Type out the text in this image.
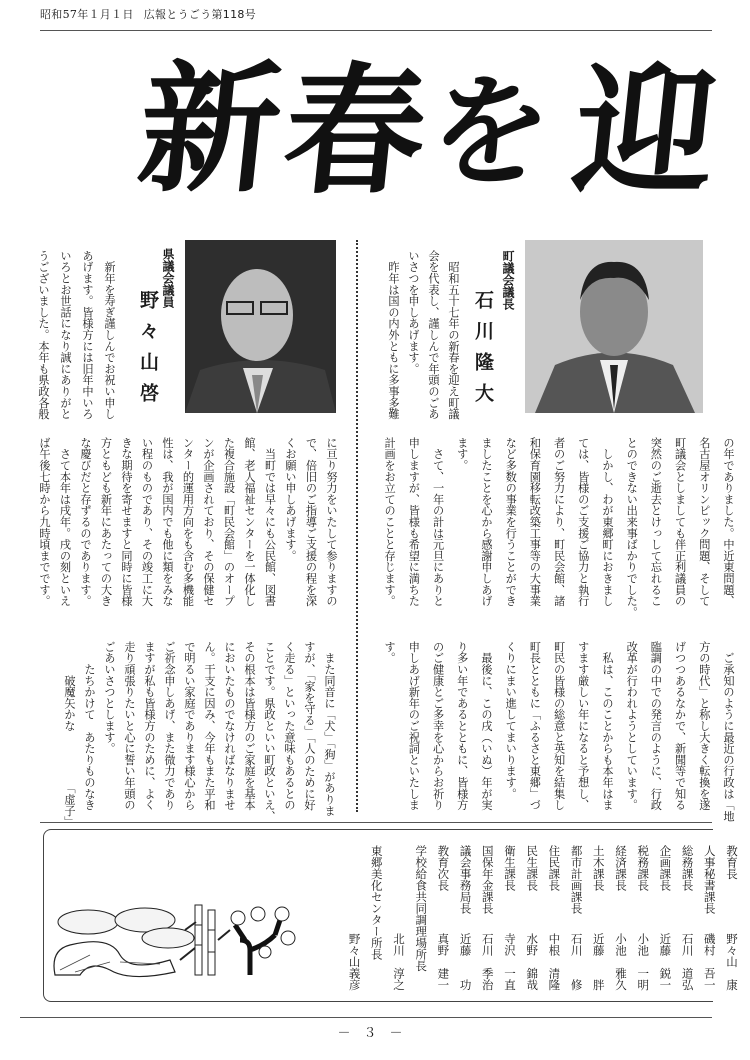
昭和57年１月１日 広報とうごう第118号
新
春
を 迎
町議会議長
石川隆大
　昭和五十七年の新春を迎え町議
会を代表し、謹しんで年頭のごあ
いさつを申しあげます。
　昨年は国の内外ともに多事多難
県議会議員
野々山啓
　新年を寿ぎ謹しんでお祝い申し
あげます。皆様方には旧年中いろ
いろとお世話になり誠にありがと
うございました。本年も県政各般
の年でありました。中近東問題、
名古屋オリンピック問題、そして
町議会としましても伴正利議員の
突然のご逝去とけっして忘れるこ
とのできない出来事ばかりでした。
　しかし、わが東郷町におきまし
ては、皆様のご支援ご協力と執行
者のご努力により、町民会館、諸
和保育園移転改築工事等の大事業
など多数の事業を行うことができ
ましたことを心から感謝申しあげ
ます。
　さて、一年の計は元旦にありと
申しますが、皆様も希望に満ちた
計画をお立てのことと存じます。
　ご承知のように最近の行政は「地
方の時代」と称し大きく転換を遂
げつつあるなかで、新聞等で知る
臨調の中での発言のように、行政
改革が行われようとしています。
　私は、このことからも本年はま
すます厳しい年になると予想し、
町民の皆様の総意と英知を結集し
町長とともに「ふるさと東郷」づ
くりにまい進してまいります。
　最後に、この戌（いぬ）年が実
り多い年であるとともに、皆様方
のご健康とご多幸を心からお祈り
申しあげ新年のご祝詞といたしま
す。
に亘り努力をいたして参りますの
で、倍旧のご指導ご支援の程を深
くお願い申しあげます。
　当町では早々にも公民館、図書
館、老人福祉センターを一体化し
た複合施設「町民会館」のオープ
ンが企画されており、その保健セ
ンター的運用方向をも含む多機能
性は、我が国内でも他に類をみな
い程のものであり、その竣工に大
きな期待を寄せますと同時に皆様
方ともども新年にあたっての大き
な慶びだと存ずるのであります。
　さて本年は戌年。戌の刻といえ
ば午後七時から九時頃までです。
　また同音に「犬」「狗」がありま
すが、「家を守る」「人のために好
く走る」といった意味もあるとの
ことです。県政といい町政といえ、
その根本は皆様方のご家庭を基本
においたものでなければなりませ
ん。干支に因み、今年もまた平和
で明るい家庭であります様心から
ご祈念申しあげ、また微力であり
ますが私も皆様方のために、よく
走り頑張りたいと心に誓い年頭の
ごあいさつとします。
　　たちかけて　あたりものなき
　　　破魔矢かな　　　　　「虚子」
教育長
野々山　康
人事秘書課長
磯村　吾一
総務課長
石川　道弘
企画課長
近藤　鋭一
税務課長
小池　一明
経済課長
小池　雅久
土木課長
近藤　　胖
都市計画課長
石川　　修
住民課長
中根　清隆
民生課長
水野　錦哉
衛生課長
寺沢　一直
国保年金課長
石川　季治
議会事務局長
近藤　　功
教育次長
真野　建一
学校給食共同調理場所長
北川　淳之
東郷美化センター所長
野々山義彦
－　３　－
